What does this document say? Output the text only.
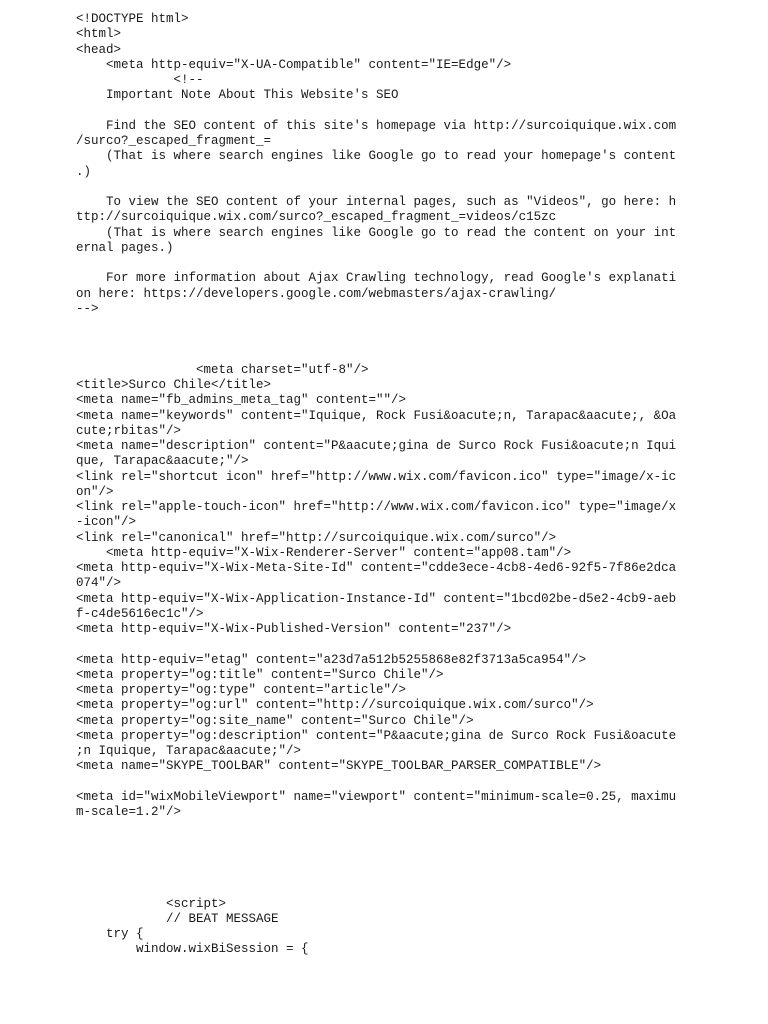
<!DOCTYPE html>
<html>
<head>
<meta http-equiv="X-UA-Compatible" content="IE=Edge"/>
<!--
Important Note About This Website's SEO
Find the SEO content of this site's homepage via http://surcoiquique.wix.com
/surco?_escaped_fragment_=
(That is where search engines like Google go to read your homepage's content
.)
To view the SEO content of your internal pages, such as "Videos", go here: h
ttp://surcoiquique.wix.com/surco?_escaped_fragment_=videos/c15zc
(That is where search engines like Google go to read the content on your int
ernal pages.)
For more information about Ajax Crawling technology, read Google's explanati
on here: https://developers.google.com/webmasters/ajax-crawling/
-->
<meta charset="utf-8"/>
<title>Surco Chile</title>
<meta name="fb_admins_meta_tag" content=""/>
<meta name="keywords" content="Iquique, Rock Fusi&oacute;n, Tarapac&aacute;, &Oa
cute;rbitas"/>
<meta name="description" content="P&aacute;gina de Surco Rock Fusi&oacute;n Iqui
que, Tarapac&aacute;"/>
<link rel="shortcut icon" href="http://www.wix.com/favicon.ico" type="image/x-ic
on"/>
<link rel="apple-touch-icon" href="http://www.wix.com/favicon.ico" type="image/x
-icon"/>
<link rel="canonical" href="http://surcoiquique.wix.com/surco"/>
<meta http-equiv="X-Wix-Renderer-Server" content="app08.tam"/>
<meta http-equiv="X-Wix-Meta-Site-Id" content="cdde3ece-4cb8-4ed6-92f5-7f86e2dca
074"/>
<meta http-equiv="X-Wix-Application-Instance-Id" content="1bcd02be-d5e2-4cb9-aeb
f-c4de5616ec1c"/>
<meta http-equiv="X-Wix-Published-Version" content="237"/>
<meta http-equiv="etag" content="a23d7a512b5255868e82f3713a5ca954"/>
<meta property="og:title" content="Surco Chile"/>
<meta property="og:type" content="article"/>
<meta property="og:url" content="http://surcoiquique.wix.com/surco"/>
<meta property="og:site_name" content="Surco Chile"/>
<meta property="og:description" content="P&aacute;gina de Surco Rock Fusi&oacute
;n Iquique, Tarapac&aacute;"/>
<meta name="SKYPE_TOOLBAR" content="SKYPE_TOOLBAR_PARSER_COMPATIBLE"/>
<meta id="wixMobileViewport" name="viewport" content="minimum-scale=0.25, maximu
m-scale=1.2"/>
<script>
// BEAT MESSAGE
try {
window.wixBiSession = {
